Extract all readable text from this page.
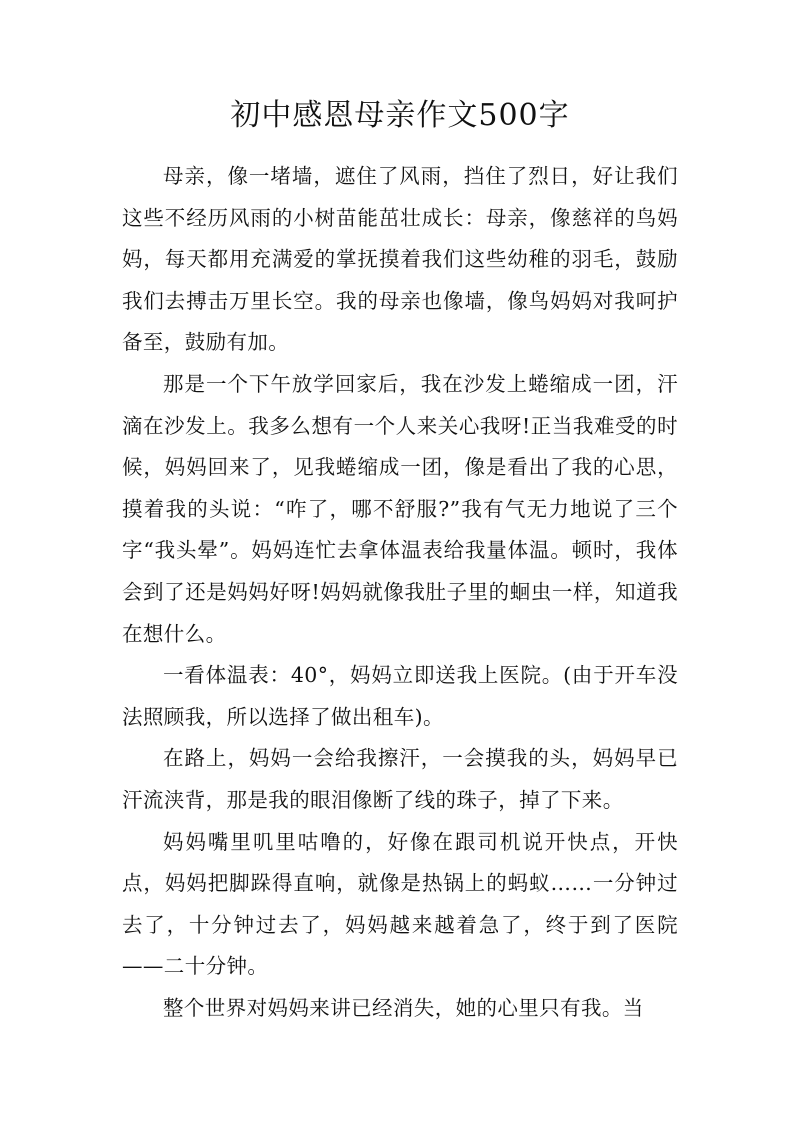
初中感恩母亲作文500字

母亲，像一堵墙，遮住了风雨，挡住了烈日，好让我们这些不经历风雨的小树苗能茁壮成长：母亲，像慈祥的鸟妈妈，每天都用充满爱的掌抚摸着我们这些幼稚的羽毛，鼓励我们去搏击万里长空。我的母亲也像墙，像鸟妈妈对我呵护备至，鼓励有加。

那是一个下午放学回家后，我在沙发上蜷缩成一团，汗滴在沙发上。我多么想有一个人来关心我呀!正当我难受的时候，妈妈回来了，见我蜷缩成一团，像是看出了我的心思，摸着我的头说：“咋了，哪不舒服?”我有气无力地说了三个字“我头晕”。妈妈连忙去拿体温表给我量体温。顿时，我体会到了还是妈妈好呀!妈妈就像我肚子里的蛔虫一样，知道我在想什么。

一看体温表：40°，妈妈立即送我上医院。(由于开车没法照顾我，所以选择了做出租车)。

在路上，妈妈一会给我擦汗，一会摸我的头，妈妈早已汗流浃背，那是我的眼泪像断了线的珠子，掉了下来。

妈妈嘴里叽里咕噜的，好像在跟司机说开快点，开快点，妈妈把脚跺得直响，就像是热锅上的蚂蚁……一分钟过去了，十分钟过去了，妈妈越来越着急了，终于到了医院——二十分钟。

整个世界对妈妈来讲已经消失，她的心里只有我。当
